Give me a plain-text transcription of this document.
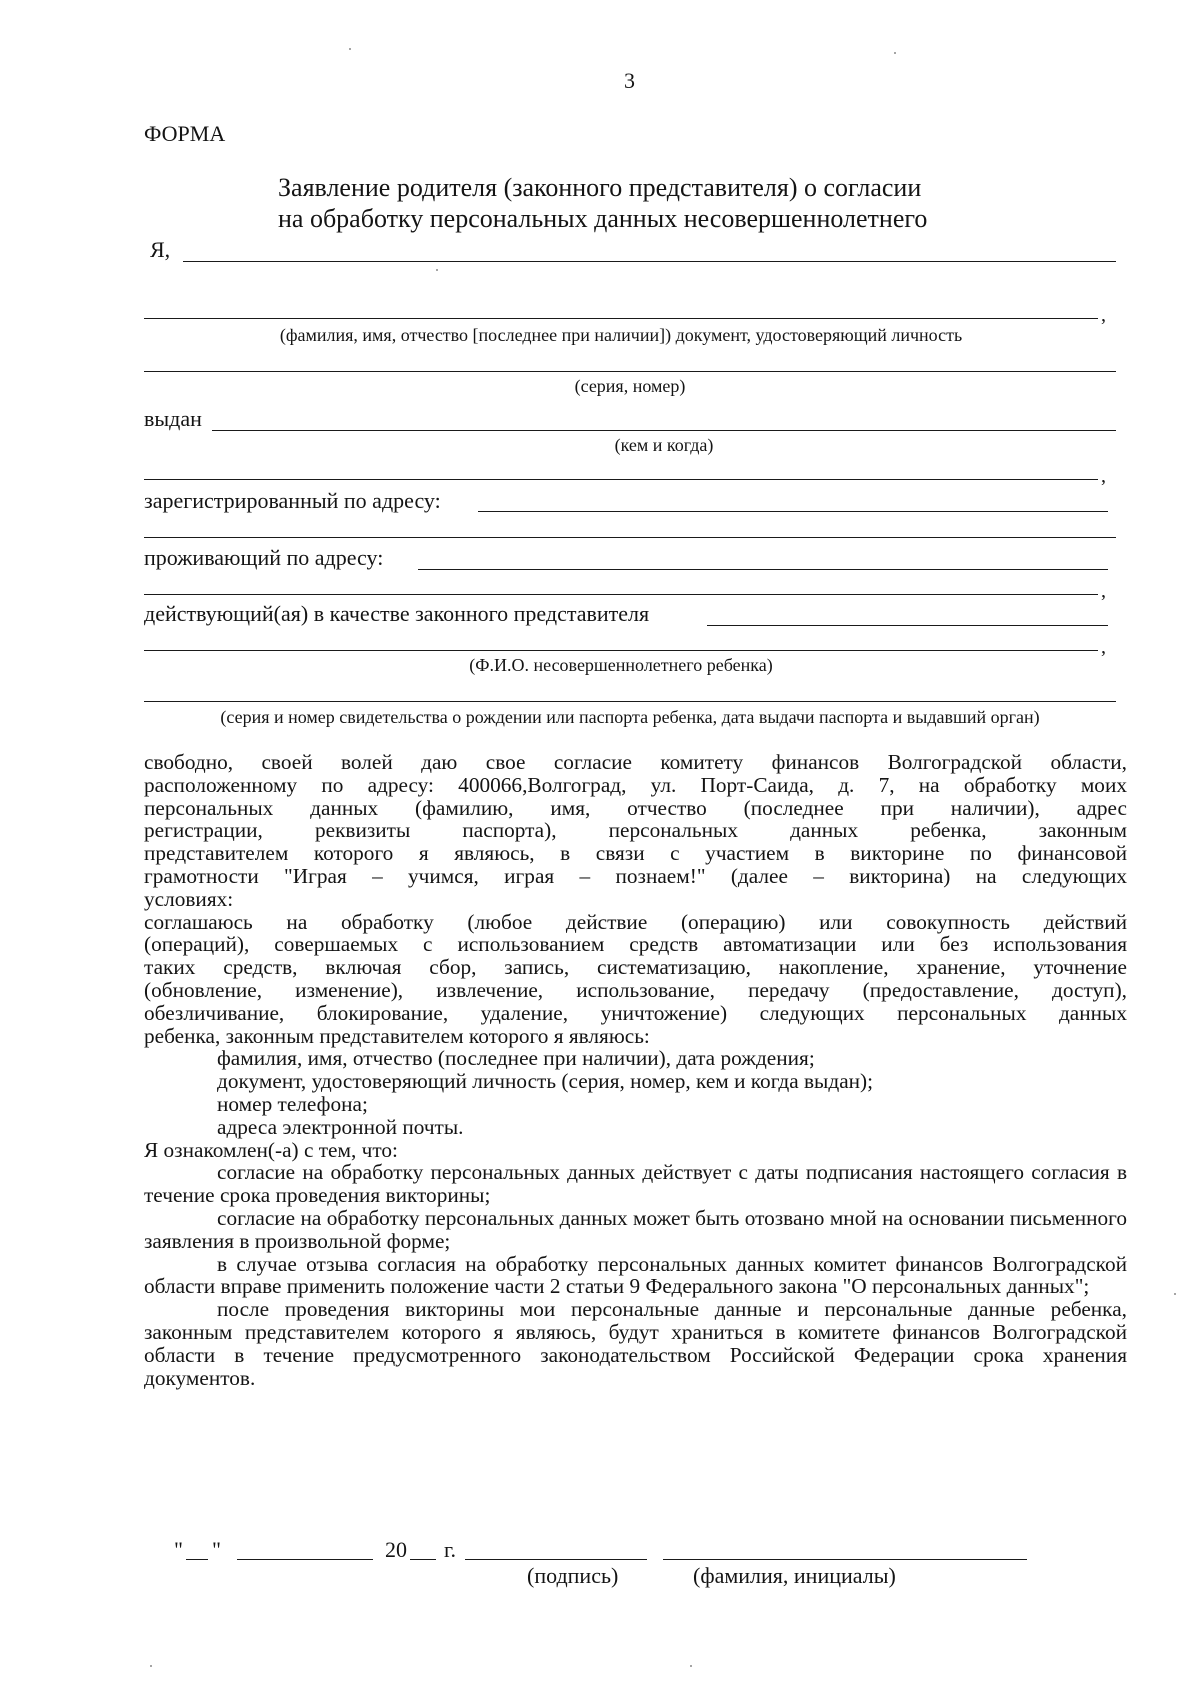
3
ФОРМА
Заявление родителя (законного представителя) о согласии
на обработку персональных данных несовершеннолетнего
Я,
,
(фамилия, имя, отчество [последнее при наличии]) документ, удостоверяющий личность
(серия, номер)
выдан
(кем и когда)
,
зарегистрированный по адресу:
проживающий по адресу:
,
действующий(ая) в качестве законного представителя
,
(Ф.И.О. несовершеннолетнего ребенка)
(серия и номер свидетельства о рождении или паспорта ребенка, дата выдачи паспорта и выдавший орган)

свободно, своей волей даю свое согласие комитету финансов Волгоградской области,

расположенному по адресу: 400066,Волгоград, ул. Порт-Саида, д. 7, на обработку моих

персональных данных (фамилию, имя, отчество (последнее при наличии), адрес

регистрации, реквизиты паспорта), персональных данных ребенка, законным

представителем которого я являюсь, в связи с участием в викторине по финансовой

грамотности "Играя – учимся, играя – познаем!" (далее – викторина) на следующих

условиях:

соглашаюсь на обработку (любое действие (операцию) или совокупность действий

(операций), совершаемых с использованием средств автоматизации или без использования

таких средств, включая сбор, запись, систематизацию, накопление, хранение, уточнение

(обновление, изменение), извлечение, использование, передачу (предоставление, доступ),

обезличивание, блокирование, удаление, уничтожение) следующих персональных данных

ребенка, законным представителем которого я являюсь:

фамилия, имя, отчество (последнее при наличии), дата рождения;

документ, удостоверяющий личность (серия, номер, кем и когда выдан);

номер телефона;

адреса электронной почты.

Я ознакомлен(-а) с тем, что:

согласие на обработку персональных данных действует с даты подписания настоящего согласия в течение срока проведения викторины;

согласие на обработку персональных данных может быть отозвано мной на основании письменного заявления в произвольной форме;

в случае отзыва согласия на обработку персональных данных комитет финансов Волгоградской области вправе применить положение части 2 статьи 9 Федерального закона "О персональных данных";

после проведения викторины мои персональные данные и персональные данные ребенка, законным представителем которого я являюсь, будут храниться в комитете финансов Волгоградской области в течение предусмотренного законодательством Российской Федерации срока хранения документов.

" "	20 г.
(подпись)	(фамилия, инициалы)
